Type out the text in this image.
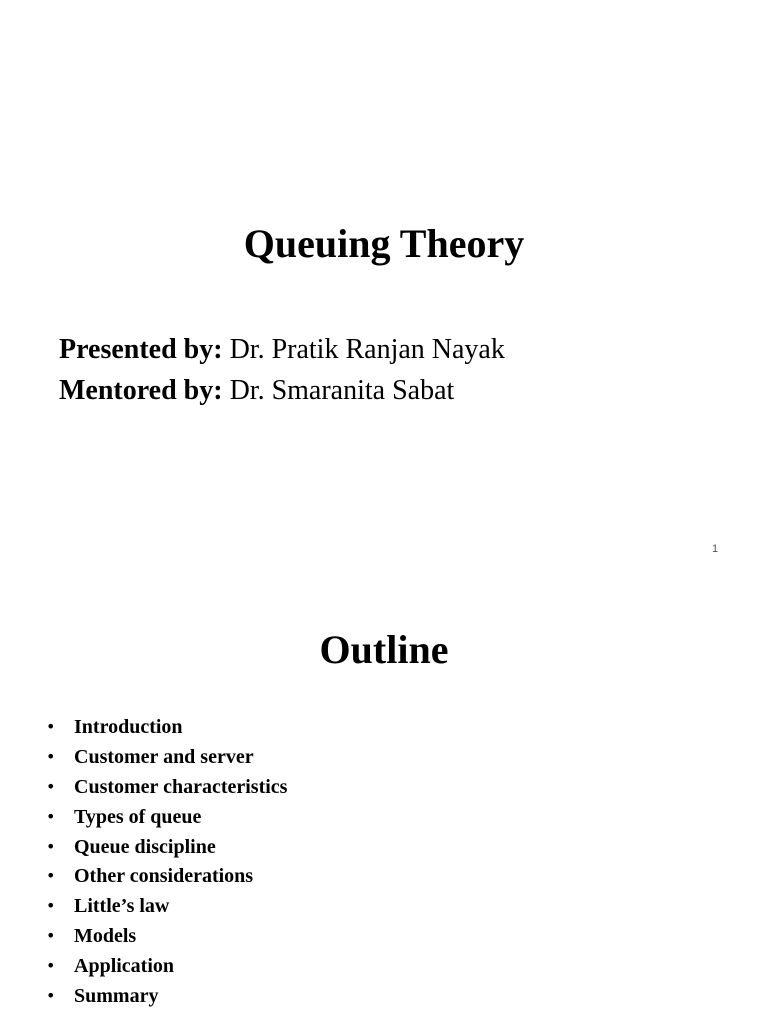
Queuing Theory
Presented by: Dr. Pratik Ranjan Nayak
Mentored by: Dr. Smaranita Sabat
1
Outline
• Introduction
• Customer and server
• Customer characteristics
• Types of queue
• Queue discipline
• Other considerations
• Little’s law
• Models
• Application
• Summary
